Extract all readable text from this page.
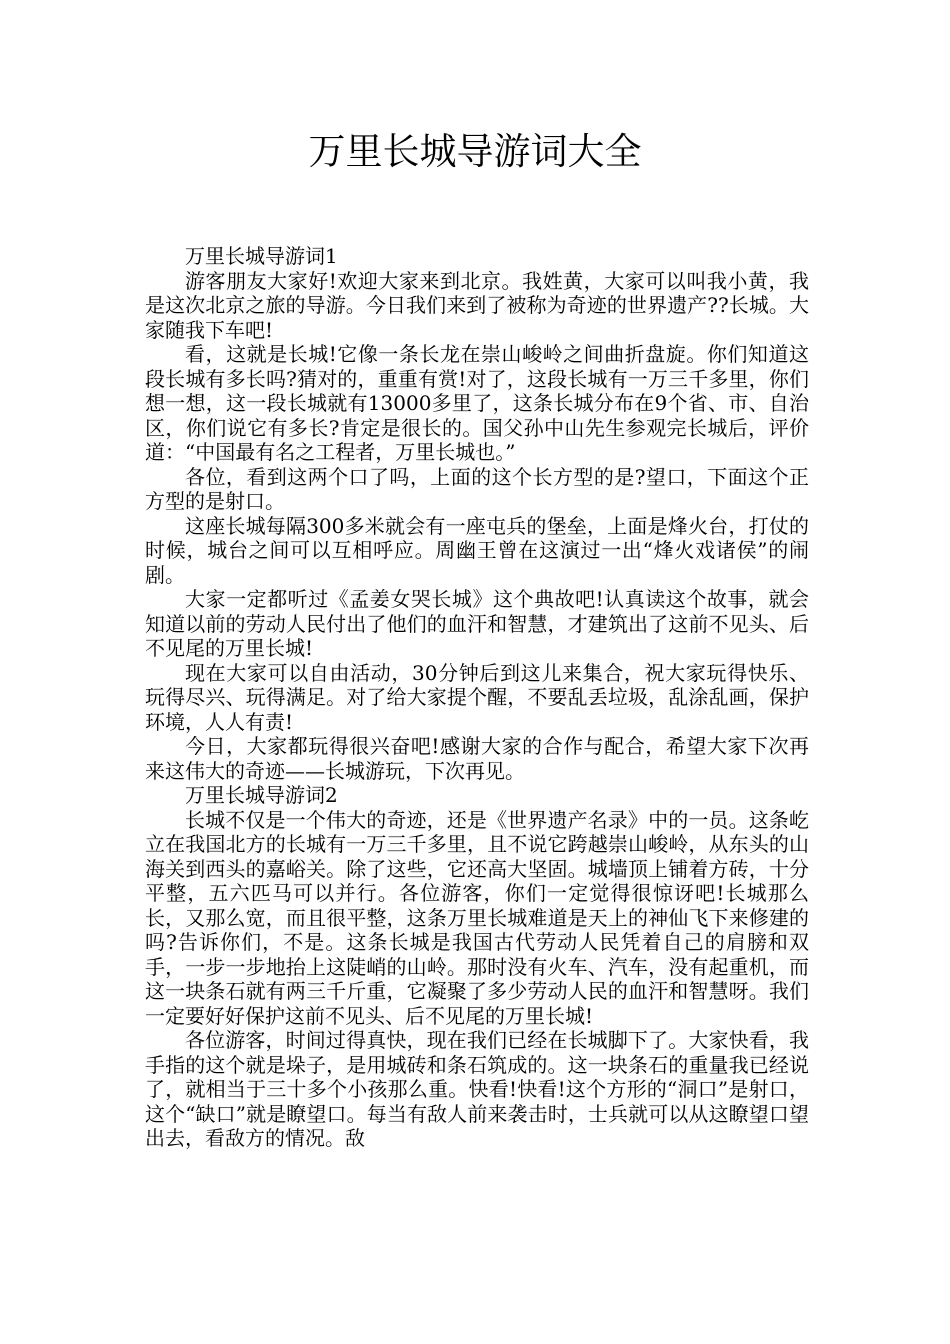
万里长城导游词大全

万里长城导游词1

游客朋友大家好!欢迎大家来到北京。我姓黄，大家可以叫我小黄，我是这次北京之旅的导游。今日我们来到了被称为奇迹的世界遗产??长城。大家随我下车吧!

看，这就是长城!它像一条长龙在崇山峻岭之间曲折盘旋。你们知道这段长城有多长吗?猜对的，重重有赏!对了，这段长城有一万三千多里，你们想一想，这一段长城就有13000多里了，这条长城分布在9个省、市、自治区，你们说它有多长?肯定是很长的。国父孙中山先生参观完长城后，评价道：“中国最有名之工程者，万里长城也。”

各位，看到这两个口了吗，上面的这个长方型的是?望口，下面这个正方型的是射口。

这座长城每隔300多米就会有一座屯兵的堡垒，上面是烽火台，打仗的时候，城台之间可以互相呼应。周幽王曾在这演过一出“烽火戏诸侯”的闹剧。

大家一定都听过《孟姜女哭长城》这个典故吧!认真读这个故事，就会知道以前的劳动人民付出了他们的血汗和智慧，才建筑出了这前不见头、后不见尾的万里长城!

现在大家可以自由活动，30分钟后到这儿来集合，祝大家玩得快乐、玩得尽兴、玩得满足。对了给大家提个醒，不要乱丢垃圾，乱涂乱画，保护环境，人人有责!

今日，大家都玩得很兴奋吧!感谢大家的合作与配合，希望大家下次再来这伟大的奇迹——长城游玩，下次再见。

万里长城导游词2

长城不仅是一个伟大的奇迹，还是《世界遗产名录》中的一员。这条屹立在我国北方的长城有一万三千多里，且不说它跨越崇山峻岭，从东头的山海关到西头的嘉峪关。除了这些，它还高大坚固。城墙顶上铺着方砖，十分平整，五六匹马可以并行。各位游客，你们一定觉得很惊讶吧!长城那么长，又那么宽，而且很平整，这条万里长城难道是天上的神仙飞下来修建的吗?告诉你们，不是。这条长城是我国古代劳动人民凭着自己的肩膀和双手，一步一步地抬上这陡峭的山岭。那时没有火车、汽车，没有起重机，而这一块条石就有两三千斤重，它凝聚了多少劳动人民的血汗和智慧呀。我们一定要好好保护这前不见头、后不见尾的万里长城!

各位游客，时间过得真快，现在我们已经在长城脚下了。大家快看，我手指的这个就是垛子，是用城砖和条石筑成的。这一块条石的重量我已经说了，就相当于三十多个小孩那么重。快看!快看!这个方形的“洞口”是射口，这个“缺口”就是瞭望口。每当有敌人前来袭击时，士兵就可以从这瞭望口望出去，看敌方的情况。敌
